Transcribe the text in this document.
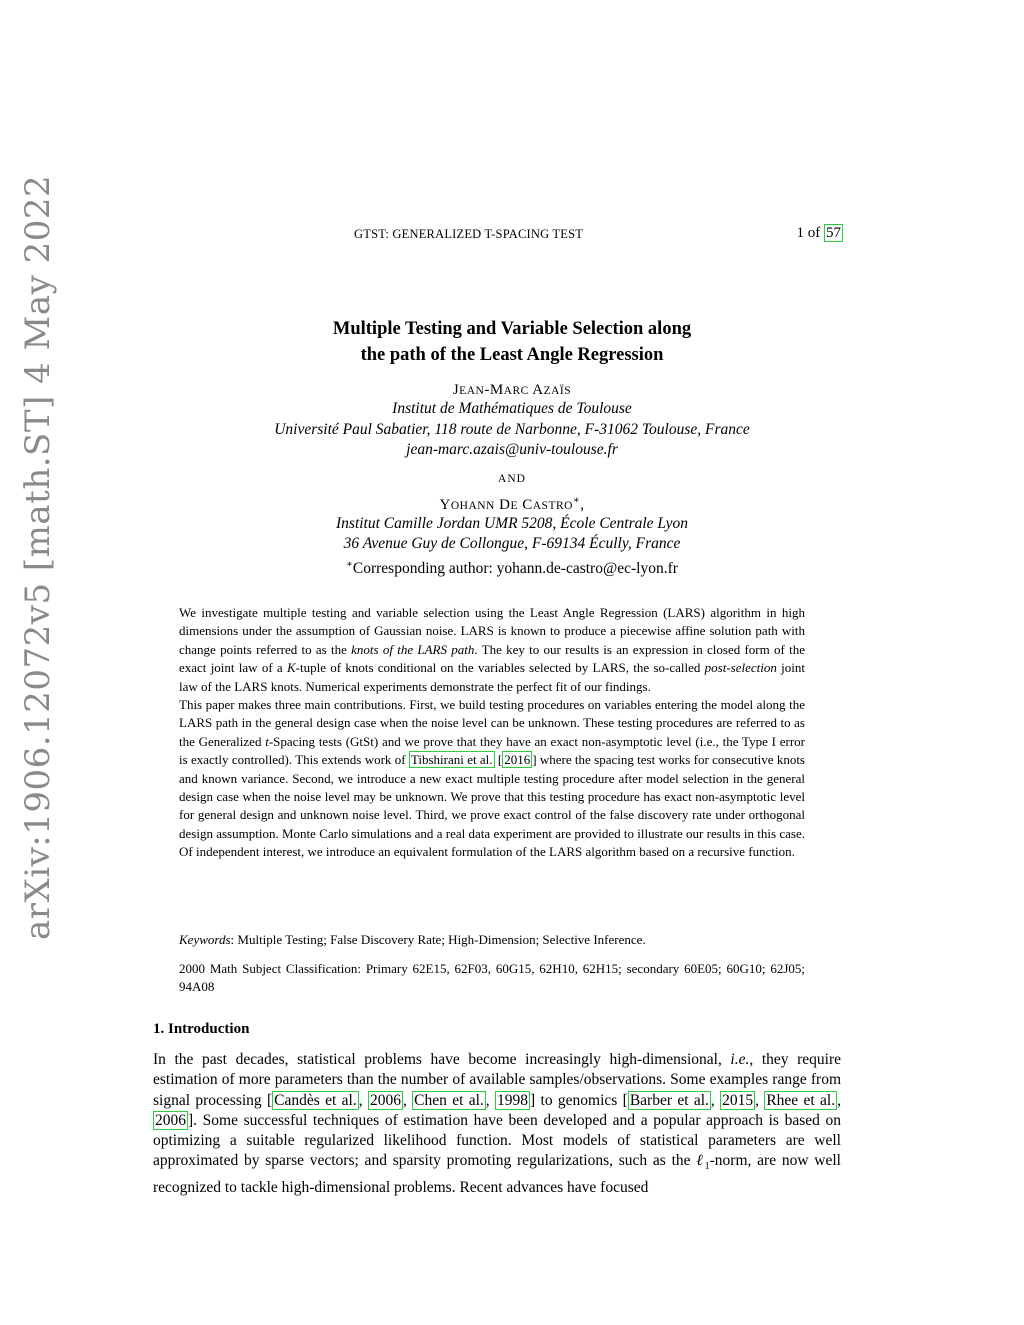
arXiv:1906.12072v5 [math.ST] 4 May 2022	GTST: GENERALIZED T-SPACING TEST	1 of 57
Multiple Testing and Variable Selection along
the path of the Least Angle Regression
JEAN-MARC AZAÏS
Institut de Mathématiques de Toulouse
Université Paul Sabatier, 118 route de Narbonne, F-31062 Toulouse, France
jean-marc.azais@univ-toulouse.fr
AND
YOHANN DE CASTRO∗,
Institut Camille Jordan UMR 5208, École Centrale Lyon
36 Avenue Guy de Collongue, F-69134 Écully, France
∗Corresponding author: yohann.de-castro@ec-lyon.fr

We investigate multiple testing and variable selection using the Least Angle Regression (LARS) algorithm in high dimensions under the assumption of Gaussian noise. LARS is known to produce a piecewise affine solution path with change points referred to as the knots of the LARS path. The key to our results is an expression in closed form of the exact joint law of a K-tuple of knots conditional on the variables selected by LARS, the so-called post-selection joint law of the LARS knots. Numerical experiments demonstrate the perfect fit of our findings.

This paper makes three main contributions. First, we build testing procedures on variables entering the model along the LARS path in the general design case when the noise level can be unknown. These testing procedures are referred to as the Generalized t-Spacing tests (GtSt) and we prove that they have an exact non-asymptotic level (i.e., the Type I error is exactly controlled). This extends work of Tibshirani et al. [ 2016 ] where the spacing test works for consecutive knots and known variance. Second, we introduce a new exact multiple testing procedure after model selection in the general design case when the noise level may be unknown. We prove that this testing procedure has exact non-asymptotic level for general design and unknown noise level. Third, we prove exact control of the false discovery rate under orthogonal design assumption. Monte Carlo simulations and a real data experiment are provided to illustrate our results in this case. Of independent interest, we introduce an equivalent formulation of the LARS algorithm based on a recursive function.

Keywords: Multiple Testing; False Discovery Rate; High-Dimension; Selective Inference.
2000 Math Subject Classification: Primary 62E15, 62F03, 60G15, 62H10, 62H15; secondary 60E05; 60G10; 62J05; 94A08
1. Introduction
In the past decades, statistical problems have become increasingly high-dimensional, i.e., they require estimation of more parameters than the number of available samples/observations. Some examples range from signal processing [ Candès et al. , 2006 , Chen et al. , 1998 ] to genomics [ Barber et al. , 2015 , Rhee et al. , 2006 ]. Some successful techniques of estimation have been developed and a popular approach is based on optimizing a suitable regularized likelihood function. Most models of statistical parameters are well approximated by sparse vectors; and sparsity promoting regularizations, such as the ℓ$_1$-norm, are now well recognized to tackle high-dimensional problems. Recent advances have focused
